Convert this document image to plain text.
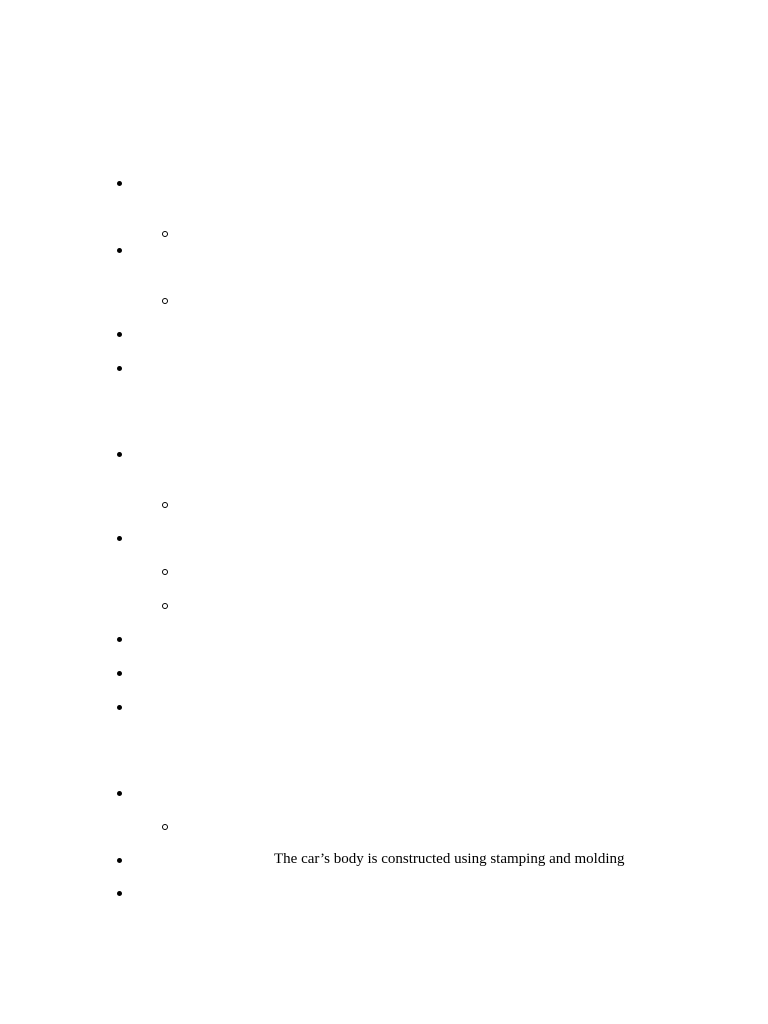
The car’s body is constructed using stamping and molding
